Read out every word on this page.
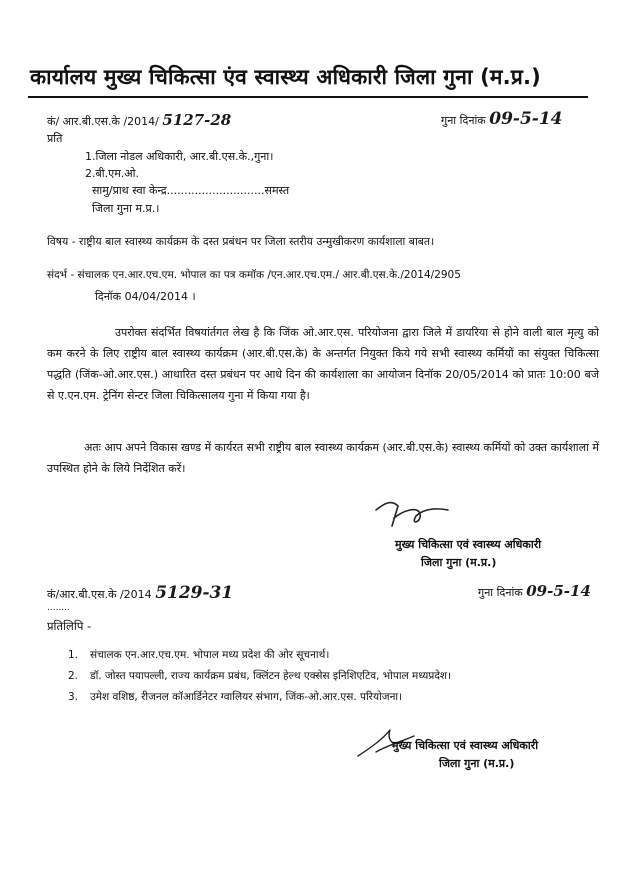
कार्यालय मुख्य चिकित्सा एंव स्वास्थ्य अधिकारी जिला गुना (म.प्र.)
कं/ आर.बी.एस.के /2014/ 5127-28	गुना दिनांक 09-5-14
प्रति
1.जिला नोडल अधिकारी, आर.बी.एस.के.,गुना।
2.बी.एम.ओ.
सामु/प्राथ स्वा केन्द्र............................समस्त
जिला गुना म.प्र.।
विषय - राष्ट्रीय बाल स्वास्थ्य कार्यक्रम के दस्त प्रबंधन पर जिला स्तरीय उन्मुखीकरण कार्यशाला बाबत।
संदर्भ - संचालक एन.आर.एच.एम. भोपाल का पत्र कमॉक /एन.आर.एच.एम./ आर.बी.एस.के./2014/2905
दिनॉक 04/04/2014 ।
उपरोक्त संदर्भित विषयांर्तगत लेख है कि जिंक ओ.आर.एस. परियोजना द्वारा जिले में डायरिया से होने वाली बाल मृत्यु को कम करने के लिए राष्ट्रीय बाल स्वास्थ्य कार्यक्रम (आर.बी.एस.के) के अन्तर्गत नियुक्त किये गये सभी स्वास्थ्य कर्मियों का संयुक्त चिकित्सा पद्धति (जिंक-ओ.आर.एस.) आधारित दस्त प्रबंधन पर आधे दिन की कार्यशाला का आयोजन दिनॉक 20/05/2014 को प्रातः 10:00 बजे से ए.एन.एम. ट्रेनिंग सेन्टर जिला चिकित्सालय गुना में किया गया है।
अतः आप अपने विकास खण्ड में कार्यरत सभी राष्ट्रीय बाल स्वास्थ्य कार्यक्रम (आर.बी.एस.के) स्वास्थ्य कर्मियों को उक्त कार्यशाला में उपस्थित होने के लिये निर्देशित करें।
मुख्य चिकित्सा एवं स्वास्थ्य अधिकारी
जिला गुना (म.प्र.)
कं/आर.बी.एस.के /2014 5129-31	गुना दिनांक 09-5-14
........
प्रतिलिपि -
1. संचालक एन.आर.एच.एम. भोपाल मध्य प्रदेश की ओर सूचनार्थ।
2. डॉ. जोस्त पयापल्ली, राज्य कार्यक्रम प्रबंध, क्लिंटन हेल्थ एक्सेस इनिशिएटिव, भोपाल मध्यप्रदेश।
3. उमेश वशिष्ठ, रीजनल कॉआर्डिनेटर ग्वालियर संभाग, जिंक-ओ.आर.एस. परियोजना।
मुख्य चिकित्सा एवं स्वास्थ्य अधिकारी
जिला गुना (म.प्र.)
